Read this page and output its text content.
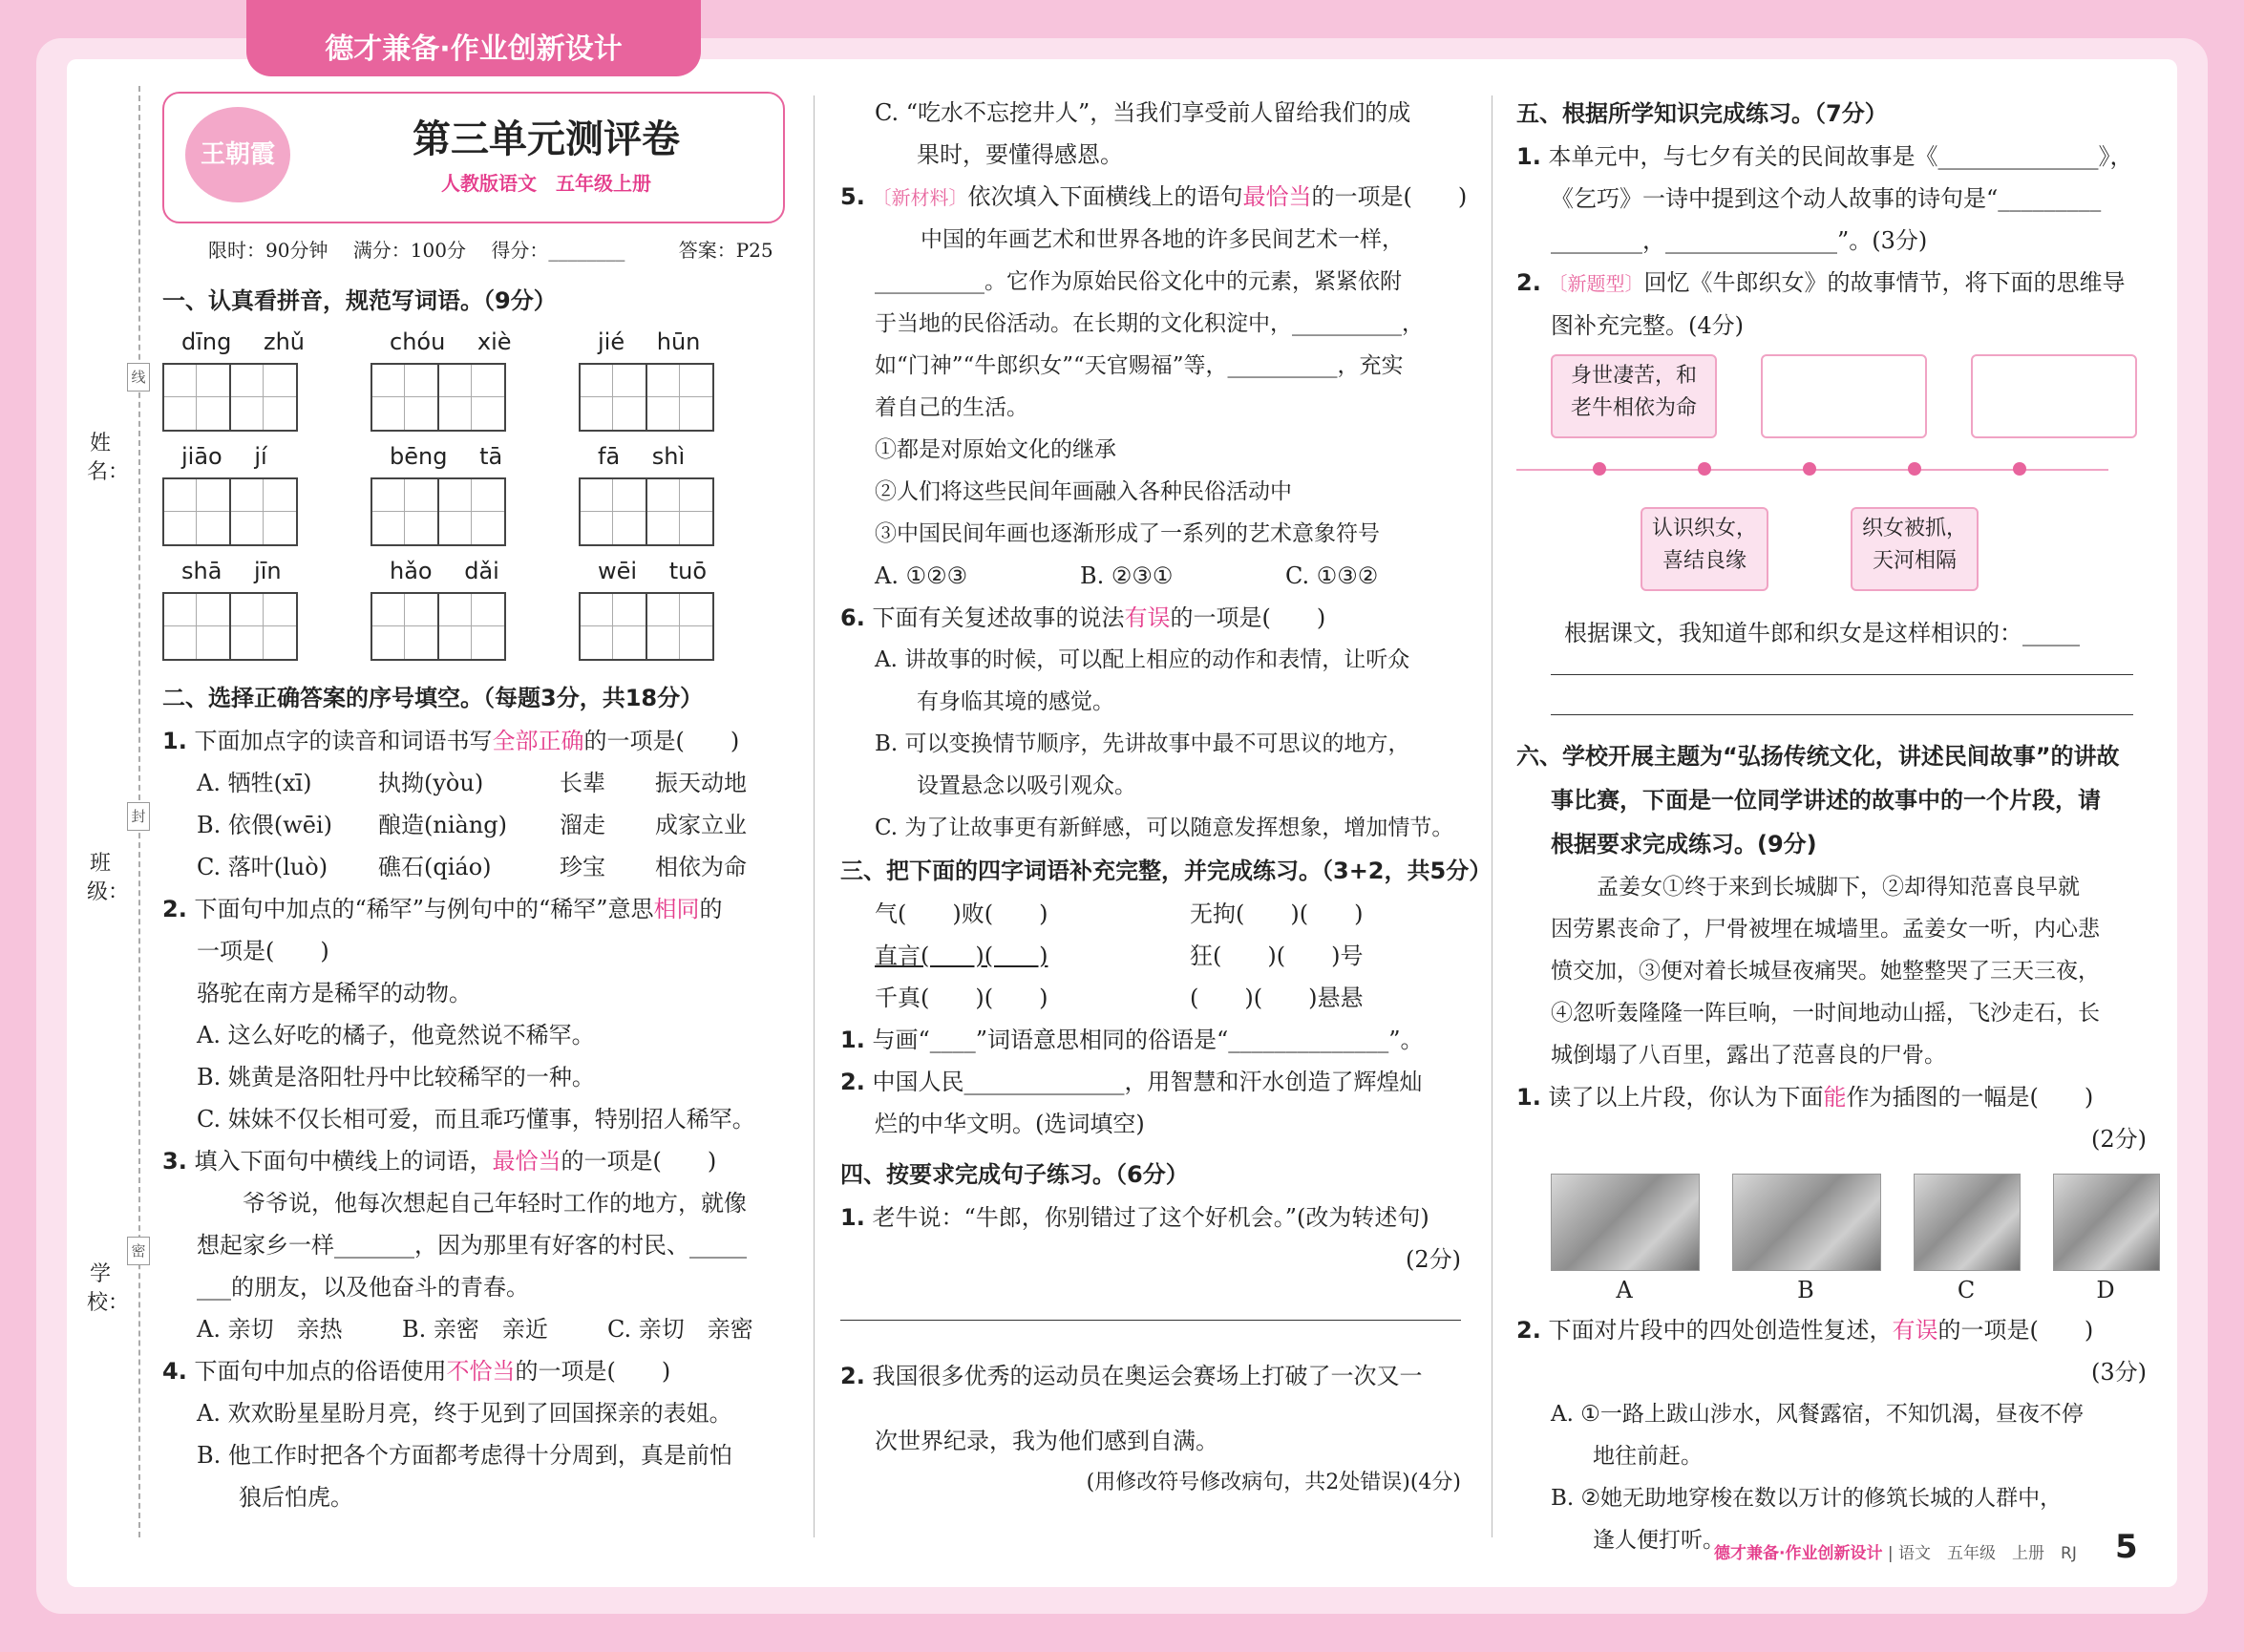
德才兼备·作业创新设计
姓 名：
线
班 级：
封
学 校：
密
王朝霞	第三单元测评卷
人教版语文　五年级上册
限时：90分钟 满分：100分 得分：________	答案：P25

一、认真看拼音，规范写词语。（9分）

dīng zhǔ	chóu xiè	jié hūn
jiāo jí	bēng tā	fā shì
shā jīn	hǎo dǎi	wēi tuō

二、选择正确答案的序号填空。（每题3分，共18分）

1. 下面加点字的读音和词语书写全部正确的一项是(　　)

A. 牺牲(xī)	执拗(yòu)	长辈	振天动地
B. 依偎(wēi)	酿造(niàng)	溜走	成家立业
C. 落叶(luò)	礁石(qiáo)	珍宝	相依为命

2. 下面句中加点的“稀罕”与例句中的“稀罕”意思相同的

一项是(　　)

骆驼在南方是稀罕的动物。

A. 这么好吃的橘子，他竟然说不稀罕。

B. 姚黄是洛阳牡丹中比较稀罕的一种。

C. 妹妹不仅长相可爱，而且乖巧懂事，特别招人稀罕。

3. 填入下面句中横线上的词语，最恰当的一项是(　　)

爷爷说，他每次想起自己年轻时工作的地方，就像

想起家乡一样_______，因为那里有好客的村民、_____

___的朋友，以及他奋斗的青春。

A. 亲切　亲热	B. 亲密　亲近	C. 亲切　亲密

4. 下面句中加点的俗语使用不恰当的一项是(　　)

A. 欢欢盼星星盼月亮，终于见到了回国探亲的表姐。

B. 他工作时把各个方面都考虑得十分周到，真是前怕

狼后怕虎。

C. “吃水不忘挖井人”，当我们享受前人留给我们的成

果时，要懂得感恩。

5. 〔新材料〕依次填入下面横线上的语句最恰当的一项是(　　)

中国的年画艺术和世界各地的许多民间艺术一样，

__________。它作为原始民俗文化中的元素，紧紧依附

于当地的民俗活动。在长期的文化积淀中，__________，

如“门神”“牛郎织女”“天官赐福”等，__________，充实

着自己的生活。

①都是对原始文化的继承

②人们将这些民间年画融入各种民俗活动中

③中国民间年画也逐渐形成了一系列的艺术意象符号

A. ①②③	B. ②③①	C. ①③②

6. 下面有关复述故事的说法有误的一项是(　　)

A. 讲故事的时候，可以配上相应的动作和表情，让听众

有身临其境的感觉。

B. 可以变换情节顺序，先讲故事中最不可思议的地方，

设置悬念以吸引观众。

C. 为了让故事更有新鲜感，可以随意发挥想象，增加情节。

三、把下面的四字词语补充完整，并完成练习。（3+2，共5分）

气(　　)败(　　)	无拘(　　)(　　)
直言(　　)(　　)	狂(　　)(　　)号
千真(　　)(　　)	(　　)(　　)悬悬

1. 与画“____”词语意思相同的俗语是“______________”。

2. 中国人民______________，用智慧和汗水创造了辉煌灿

烂的中华文明。(选词填空)

四、按要求完成句子练习。（6分）

1. 老牛说：“牛郎，你别错过了这个好机会。”(改为转述句)

(2分)

2. 我国很多优秀的运动员在奥运会赛场上打破了一次又一

次世界纪录，我为他们感到自满。

(用修改符号修改病句，共2处错误)(4分)

五、根据所学知识完成练习。（7分）

1. 本单元中，与七夕有关的民间故事是《______________》，

《乞巧》一诗中提到这个动人故事的诗句是“_________

________，_______________”。(3分)

2. 〔新题型〕回忆《牛郎织女》的故事情节，将下面的思维导

图补充完整。(4分)

身世凄苦，和
老牛相依为命
认识织女，
喜结良缘
织女被抓，
天河相隔

根据课文，我知道牛郎和织女是这样相识的：_____

六、学校开展主题为“弘扬传统文化，讲述民间故事”的讲故

事比赛，下面是一位同学讲述的故事中的一个片段，请

根据要求完成练习。(9分)

孟姜女①终于来到长城脚下，②却得知范喜良早就

因劳累丧命了，尸骨被埋在城墙里。孟姜女一听，内心悲

愤交加，③便对着长城昼夜痛哭。她整整哭了三天三夜，

④忽听轰隆隆一阵巨响，一时间地动山摇，飞沙走石，长

城倒塌了八百里，露出了范喜良的尸骨。

1. 读了以上片段，你认为下面能作为插图的一幅是(　　)

(2分)

A	B	C	D

2. 下面对片段中的四处创造性复述，有误的一项是(　　)

(3分)

A. ①一路上跋山涉水，风餐露宿，不知饥渴，昼夜不停

地往前赶。

B. ②她无助地穿梭在数以万计的修筑长城的人群中，

逢人便打听。

德才兼备·作业创新设计 | 语文　五年级　上册　RJ 5
